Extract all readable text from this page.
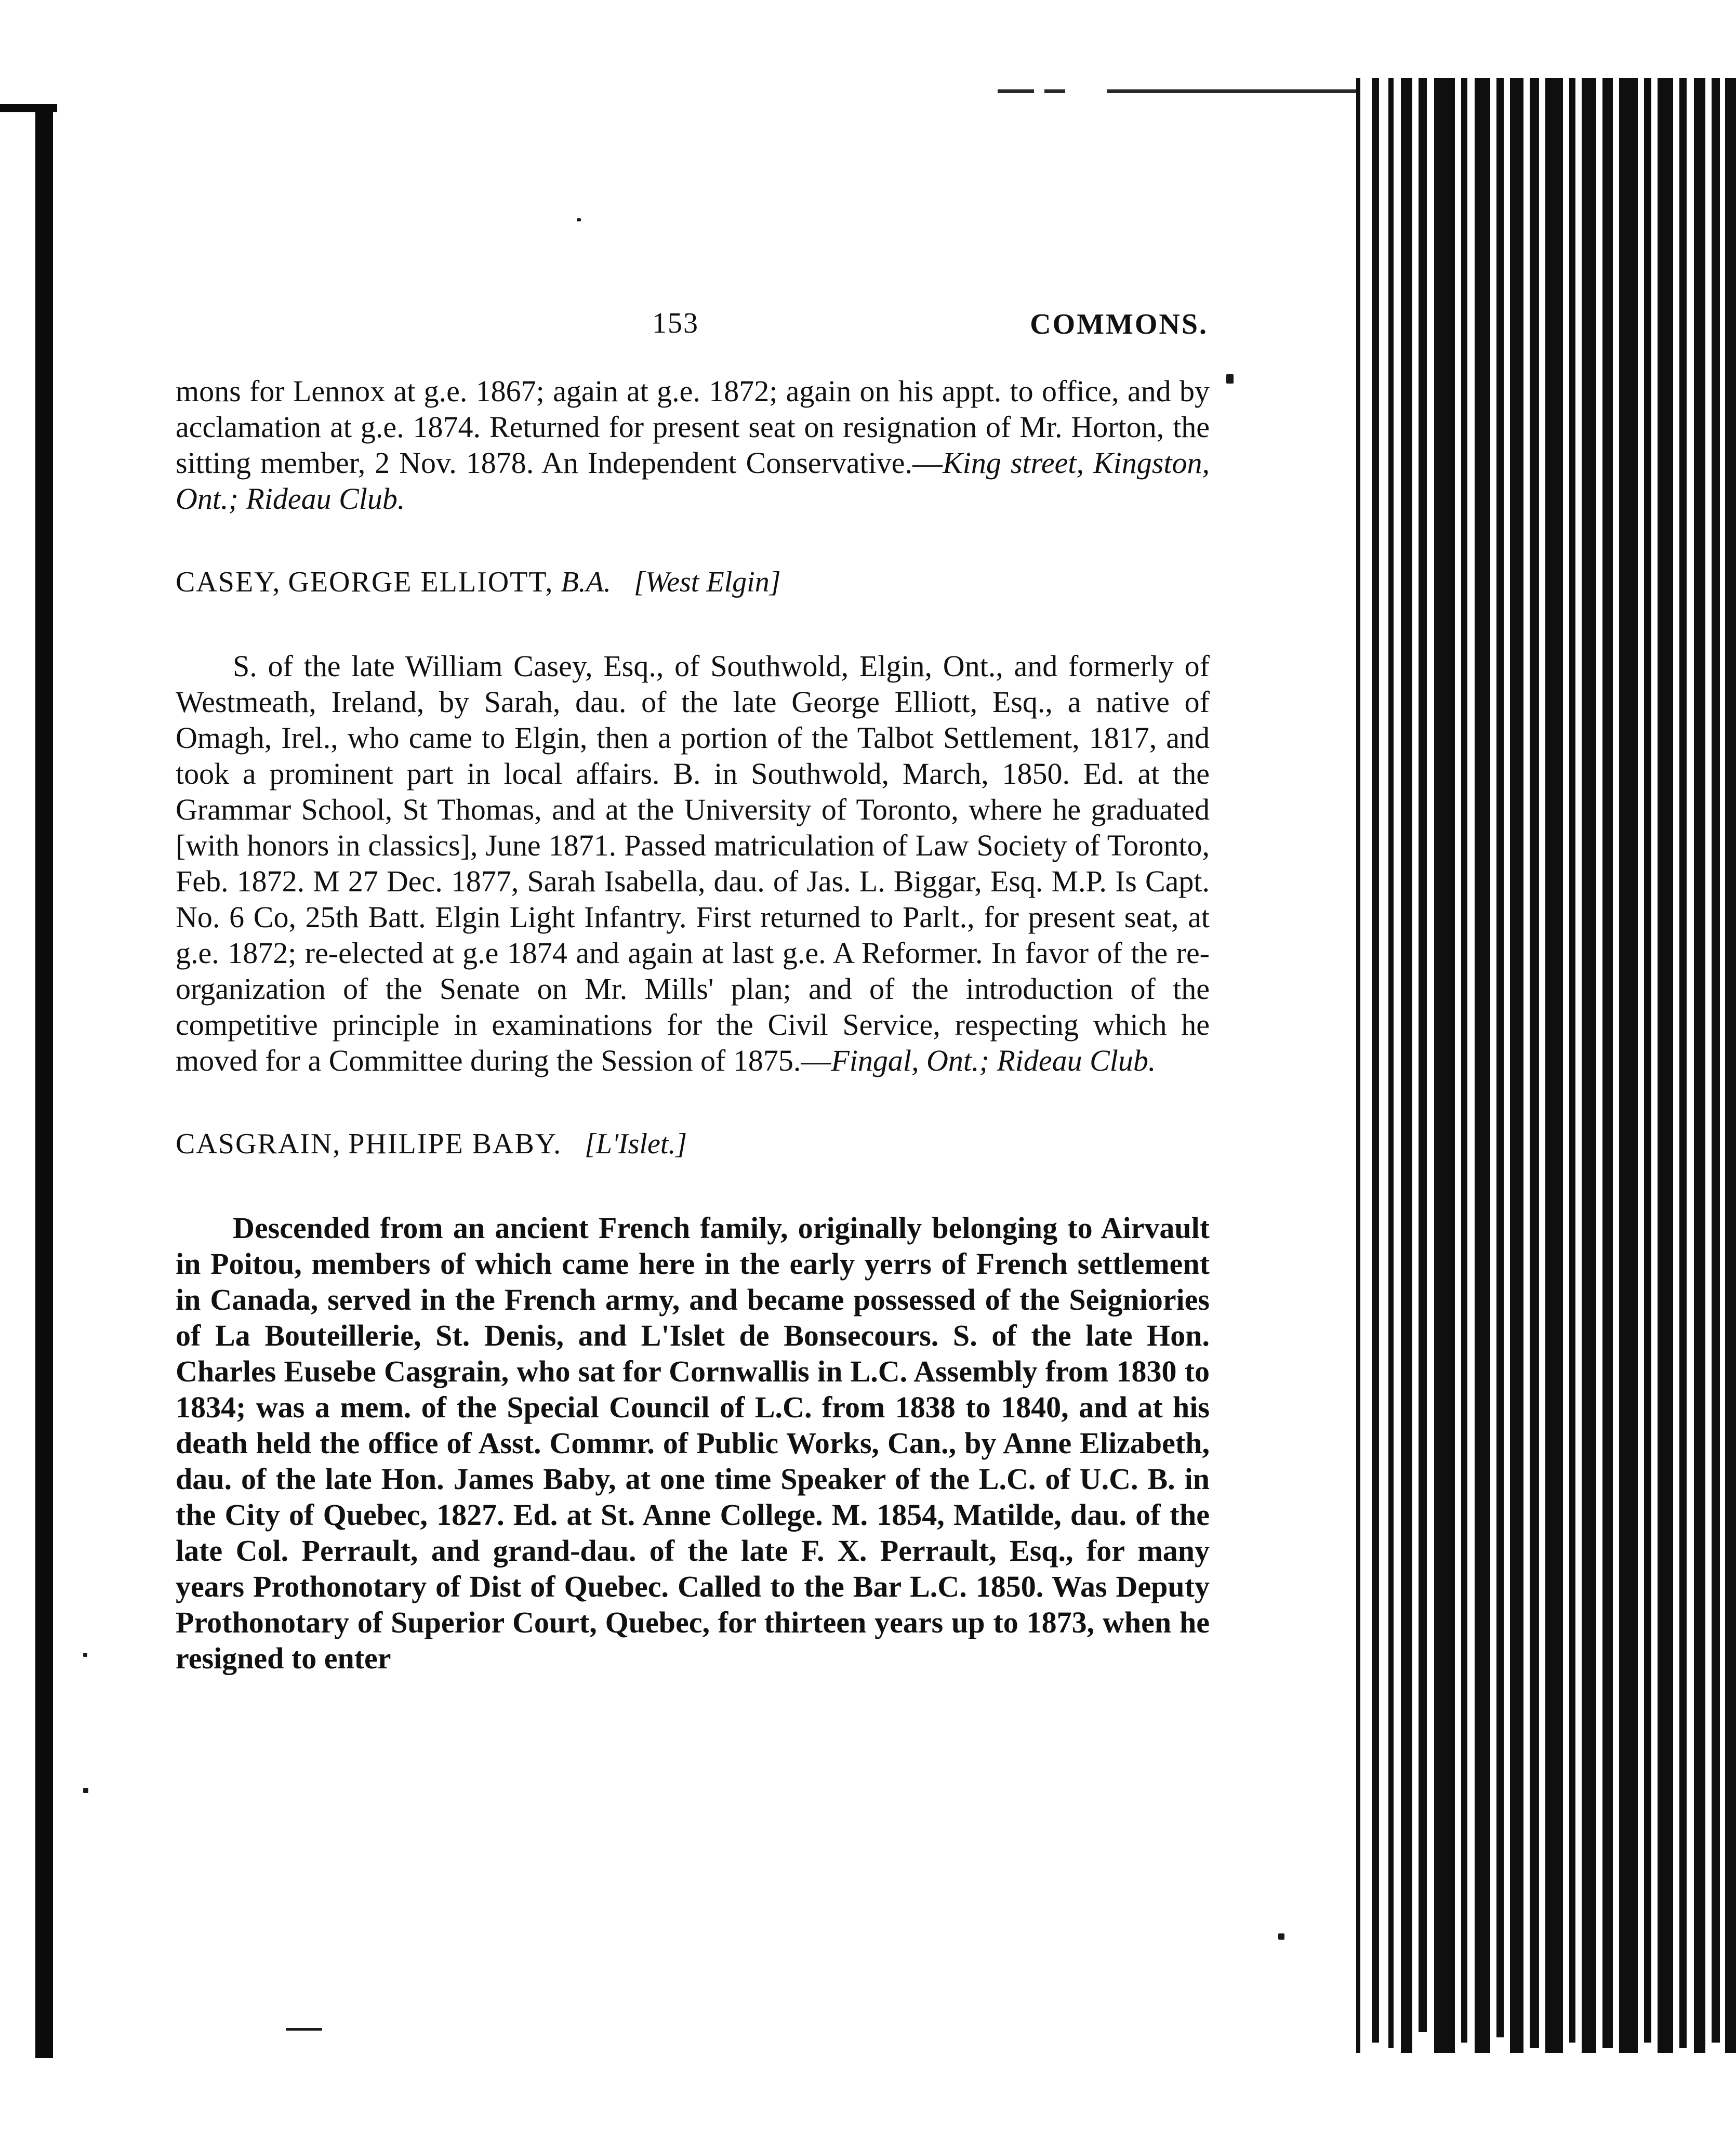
153	COMMONS.

mons for Lennox at g.e. 1867; again at g.e. 1872; again on his appt. to office, and by acclamation at g.e. 1874. Returned for present seat on resignation of Mr. Horton, the sitting member, 2 Nov. 1878. An Independent Conservative.—King street, Kingston, Ont.; Rideau Club.

CASEY, GEORGE ELLIOTT, B.A. [West Elgin]

S. of the late William Casey, Esq., of Southwold, Elgin, Ont., and formerly of Westmeath, Ireland, by Sarah, dau. of the late George Elliott, Esq., a native of Omagh, Irel., who came to Elgin, then a portion of the Talbot Settlement, 1817, and took a prominent part in local affairs. B. in Southwold, March, 1850. Ed. at the Grammar School, St Thomas, and at the University of Toronto, where he graduated [with honors in classics], June 1871. Passed matriculation of Law Society of Toronto, Feb. 1872. M 27 Dec. 1877, Sarah Isabella, dau. of Jas. L. Biggar, Esq. M.P. Is Capt. No. 6 Co, 25th Batt. Elgin Light Infantry. First returned to Parlt., for present seat, at g.e. 1872; re-elected at g.e 1874 and again at last g.e. A Reformer. In favor of the re-organization of the Senate on Mr. Mills' plan; and of the introduction of the competitive principle in examinations for the Civil Service, respecting which he moved for a Committee during the Session of 1875.—Fingal, Ont.; Rideau Club.

CASGRAIN, PHILIPE BABY. [L'Islet.]

Descended from an ancient French family, originally belonging to Airvault in Poitou, members of which came here in the early yerrs of French settlement in Canada, served in the French army, and became possessed of the Seigniories of La Bouteillerie, St. Denis, and L'Islet de Bonsecours. S. of the late Hon. Charles Eusebe Casgrain, who sat for Cornwallis in L.C. Assembly from 1830 to 1834; was a mem. of the Special Council of L.C. from 1838 to 1840, and at his death held the office of Asst. Commr. of Public Works, Can., by Anne Elizabeth, dau. of the late Hon. James Baby, at one time Speaker of the L.C. of U.C. B. in the City of Quebec, 1827. Ed. at St. Anne College. M. 1854, Matilde, dau. of the late Col. Perrault, and grand-dau. of the late F. X. Perrault, Esq., for many years Prothonotary of Dist of Quebec. Called to the Bar L.C. 1850. Was Deputy Prothonotary of Superior Court, Quebec, for thirteen years up to 1873, when he resigned to enter
